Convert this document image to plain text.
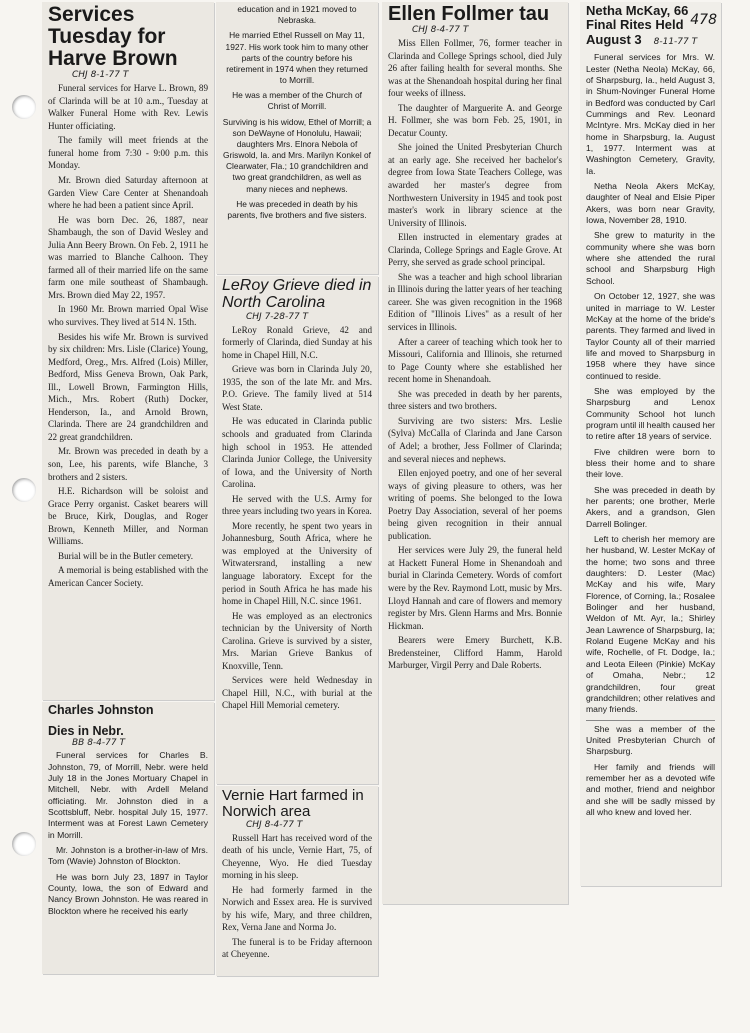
Services Tuesday for Harve Brown

CHJ 8-1-77 T

Funeral services for Harve L. Brown, 89 of Clarinda will be at 10 a.m., Tuesday at Walker Funeral Home with Rev. Lewis Hunter officiating.

The family will meet friends at the funeral home from 7:30 - 9:00 p.m. this Monday.

Mr. Brown died Saturday afternoon at Garden View Care Center at Shenandoah where he had been a patient since April.

He was born Dec. 26, 1887, near Shambaugh, the son of David Wesley and Julia Ann Beery Brown. On Feb. 2, 1911 he was married to Blanche Calhoon. They farmed all of their married life on the same farm one mile southeast of Shambaugh. Mrs. Brown died May 22, 1957.

In 1960 Mr. Brown married Opal Wise who survives. They lived at 514 N. 15th.

Besides his wife Mr. Brown is survived by six children: Mrs. Lisle (Clarice) Young, Medford, Oreg., Mrs. Alfred (Lois) Miller, Bedford, Miss Geneva Brown, Oak Park, Ill., Lowell Brown, Farmington Hills, Mich., Mrs. Robert (Ruth) Docker, Henderson, Ia., and Arnold Brown, Clarinda. There are 24 grandchildren and 22 great grandchildren.

Mr. Brown was preceded in death by a son, Lee, his parents, wife Blanche, 3 brothers and 2 sisters.

H.E. Richardson will be soloist and Grace Perry organist. Casket bearers will be Bruce, Kirk, Douglas, and Roger Brown, Kenneth Miller, and Norman Williams.

Burial will be in the Butler cemetery.

A memorial is being established with the American Cancer Society.

Charles Johnston
Dies in Nebr.

BB 8-4-77 T

Funeral services for Charles B. Johnston, 79, of Morrill, Nebr. were held July 18 in the Jones Mortuary Chapel in Mitchell, Nebr. with Ardell Meland officiating. Mr. Johnston died in a Scottsbluff, Nebr. hospital July 15, 1977. Interment was at Forest Lawn Cemetery in Morrill.

Mr. Johnston is a brother-in-law of Mrs. Tom (Wavie) Johnston of Blockton.

He was born July 23, 1897 in Taylor County, Iowa, the son of Edward and Nancy Brown Johnston. He was reared in Blockton where he received his early

education and in 1921 moved to Nebraska.

He married Ethel Russell on May 11, 1927. His work took him to many other parts of the country before his retirement in 1974 when they returned to Morrill.

He was a member of the Church of Christ of Morrill.

Surviving is his widow, Ethel of Morrill; a son DeWayne of Honolulu, Hawaii; daughters Mrs. Elnora Nebola of Griswold, Ia. and Mrs. Marilyn Konkel of Clearwater, Fla.; 10 grandchildren and two great grandchildren, as well as many nieces and nephews.

He was preceded in death by his parents, five brothers and five sisters.

LeRoy Grieve died in North Carolina

CHJ 7-28-77 T

LeRoy Ronald Grieve, 42 and formerly of Clarinda, died Sunday at his home in Chapel Hill, N.C.

Grieve was born in Clarinda July 20, 1935, the son of the late Mr. and Mrs. P.O. Grieve. The family lived at 514 West State.

He was educated in Clarinda public schools and graduated from Clarinda high school in 1953. He attended Clarinda Junior College, the University of Iowa, and the University of North Carolina.

He served with the U.S. Army for three years including two years in Korea.

More recently, he spent two years in Johannesburg, South Africa, where he was employed at the University of Witwatersrand, installing a new language laboratory. Except for the period in South Africa he has made his home in Chapel Hill, N.C. since 1961.

He was employed as an electronics technician by the University of North Carolina. Grieve is survived by a sister, Mrs. Marian Grieve Bankus of Knoxville, Tenn.

Services were held Wednesday in Chapel Hill, N.C., with burial at the Chapel Hill Memorial cemetery.

Vernie Hart farmed in Norwich area

CHJ 8-4-77 T

Russell Hart has received word of the death of his uncle, Vernie Hart, 75, of Cheyenne, Wyo. He died Tuesday morning in his sleep.

He had formerly farmed in the Norwich and Essex area. He is survived by his wife, Mary, and three children, Rex, Verna Jane and Norma Jo.

The funeral is to be Friday afternoon at Cheyenne.

Ellen Follmer tau

CHJ 8-4-77 T

Miss Ellen Follmer, 76, former teacher in Clarinda and College Springs school, died July 26 after failing health for several months. She was at the Shenandoah hospital during her final four weeks of illness.

The daughter of Marguerite A. and George H. Follmer, she was born Feb. 25, 1901, in Decatur County.

She joined the United Presbyterian Church at an early age. She received her bachelor's degree from Iowa State Teachers College, was awarded her master's degree from Northwestern University in 1945 and took post master's work in library science at the University of Illinois.

Ellen instructed in elementary grades at Clarinda, College Springs and Eagle Grove. At Perry, she served as grade school principal.

She was a teacher and high school librarian in Illinois during the latter years of her teaching career. She was given recognition in the 1968 Edition of "Illinois Lives" as a result of her services in Illinois.

After a career of teaching which took her to Missouri, California and Illinois, she returned to Page County where she established her recent home in Shenandoah.

She was preceded in death by her parents, three sisters and two brothers.

Surviving are two sisters: Mrs. Leslie (Sylva) McCalla of Clarinda and Jane Carson of Adel; a brother, Jess Follmer of Clarinda; and several nieces and nephews.

Ellen enjoyed poetry, and one of her several ways of giving pleasure to others, was her writing of poems. She belonged to the Iowa Poetry Day Association, several of her poems being given recognition in their annual publication.

Her services were July 29, the funeral held at Hackett Funeral Home in Shenandoah and burial in Clarinda Cemetery. Words of comfort were by the Rev. Raymond Lott, music by Mrs. Lloyd Hannah and care of flowers and memory register by Mrs. Glenn Harms and Mrs. Bonnie Hickman.

Bearers were Emery Burchett, K.B. Bredensteiner, Clifford Hamm, Harold Marburger, Virgil Perry and Dale Roberts.

478
Netha McKay, 66
Final Rites Held
August 3 8-11-77 T

Funeral services for Mrs. W. Lester (Netha Neola) McKay, 66, of Sharpsburg, Ia., held August 3, in Shum-Novinger Funeral Home in Bedford was conducted by Carl Cummings and Rev. Leonard McIntyre. Mrs. McKay died in her home in Sharpsburg, Ia. August 1, 1977. Interment was at Washington Cemetery, Gravity, Ia.

Netha Neola Akers McKay, daughter of Neal and Elsie Piper Akers, was born near Gravity, Iowa, November 28, 1910.

She grew to maturity in the community where she was born where she attended the rural school and Sharpsburg High School.

On October 12, 1927, she was united in marriage to W. Lester McKay at the home of the bride's parents. They farmed and lived in Taylor County all of their married life and moved to Sharpsburg in 1958 where they have since continued to reside.

She was employed by the Sharpsburg and Lenox Community School hot lunch program until ill health caused her to retire after 18 years of service.

Five children were born to bless their home and to share their love.

She was preceded in death by her parents; one brother, Merle Akers, and a grandson, Glen Darrell Bolinger.

Left to cherish her memory are her husband, W. Lester McKay of the home; two sons and three daughters: D. Lester (Mac) McKay and his wife, Mary Florence, of Corning, Ia.; Rosalee Bolinger and her husband, Weldon of Mt. Ayr, Ia.; Shirley Jean Lawrence of Sharpsburg, Ia; Roland Eugene McKay and his wife, Rochelle, of Ft. Dodge, Ia.; and Leota Eileen (Pinkie) McKay of Omaha, Nebr.; 12 grandchildren, four great grandchildren; other relatives and many friends.

She was a member of the United Presbyterian Church of Sharpsburg.

Her family and friends will remember her as a devoted wife and mother, friend and neighbor and she will be sadly missed by all who knew and loved her.
